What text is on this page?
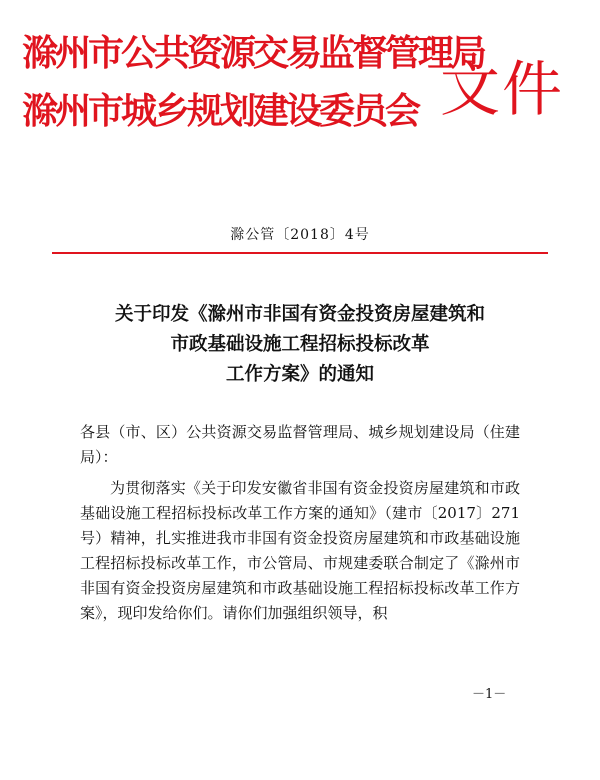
滁州市公共资源交易监督管理局
滁州市城乡规划建设委员会 文件
滁公管〔2018〕4号
关于印发《滁州市非国有资金投资房屋建筑和
市政基础设施工程招标投标改革
工作方案》的通知

各县（市、区）公共资源交易监督管理局、城乡规划建设局（住建局）：

为贯彻落实《关于印发安徽省非国有资金投资房屋建筑和市政基础设施工程招标投标改革工作方案的通知》（建市〔2017〕271号）精神，扎实推进我市非国有资金投资房屋建筑和市政基础设施工程招标投标改革工作，市公管局、市规建委联合制定了《滁州市非国有资金投资房屋建筑和市政基础设施工程招标投标改革工作方案》，现印发给你们。请你们加强组织领导，积

－1－
